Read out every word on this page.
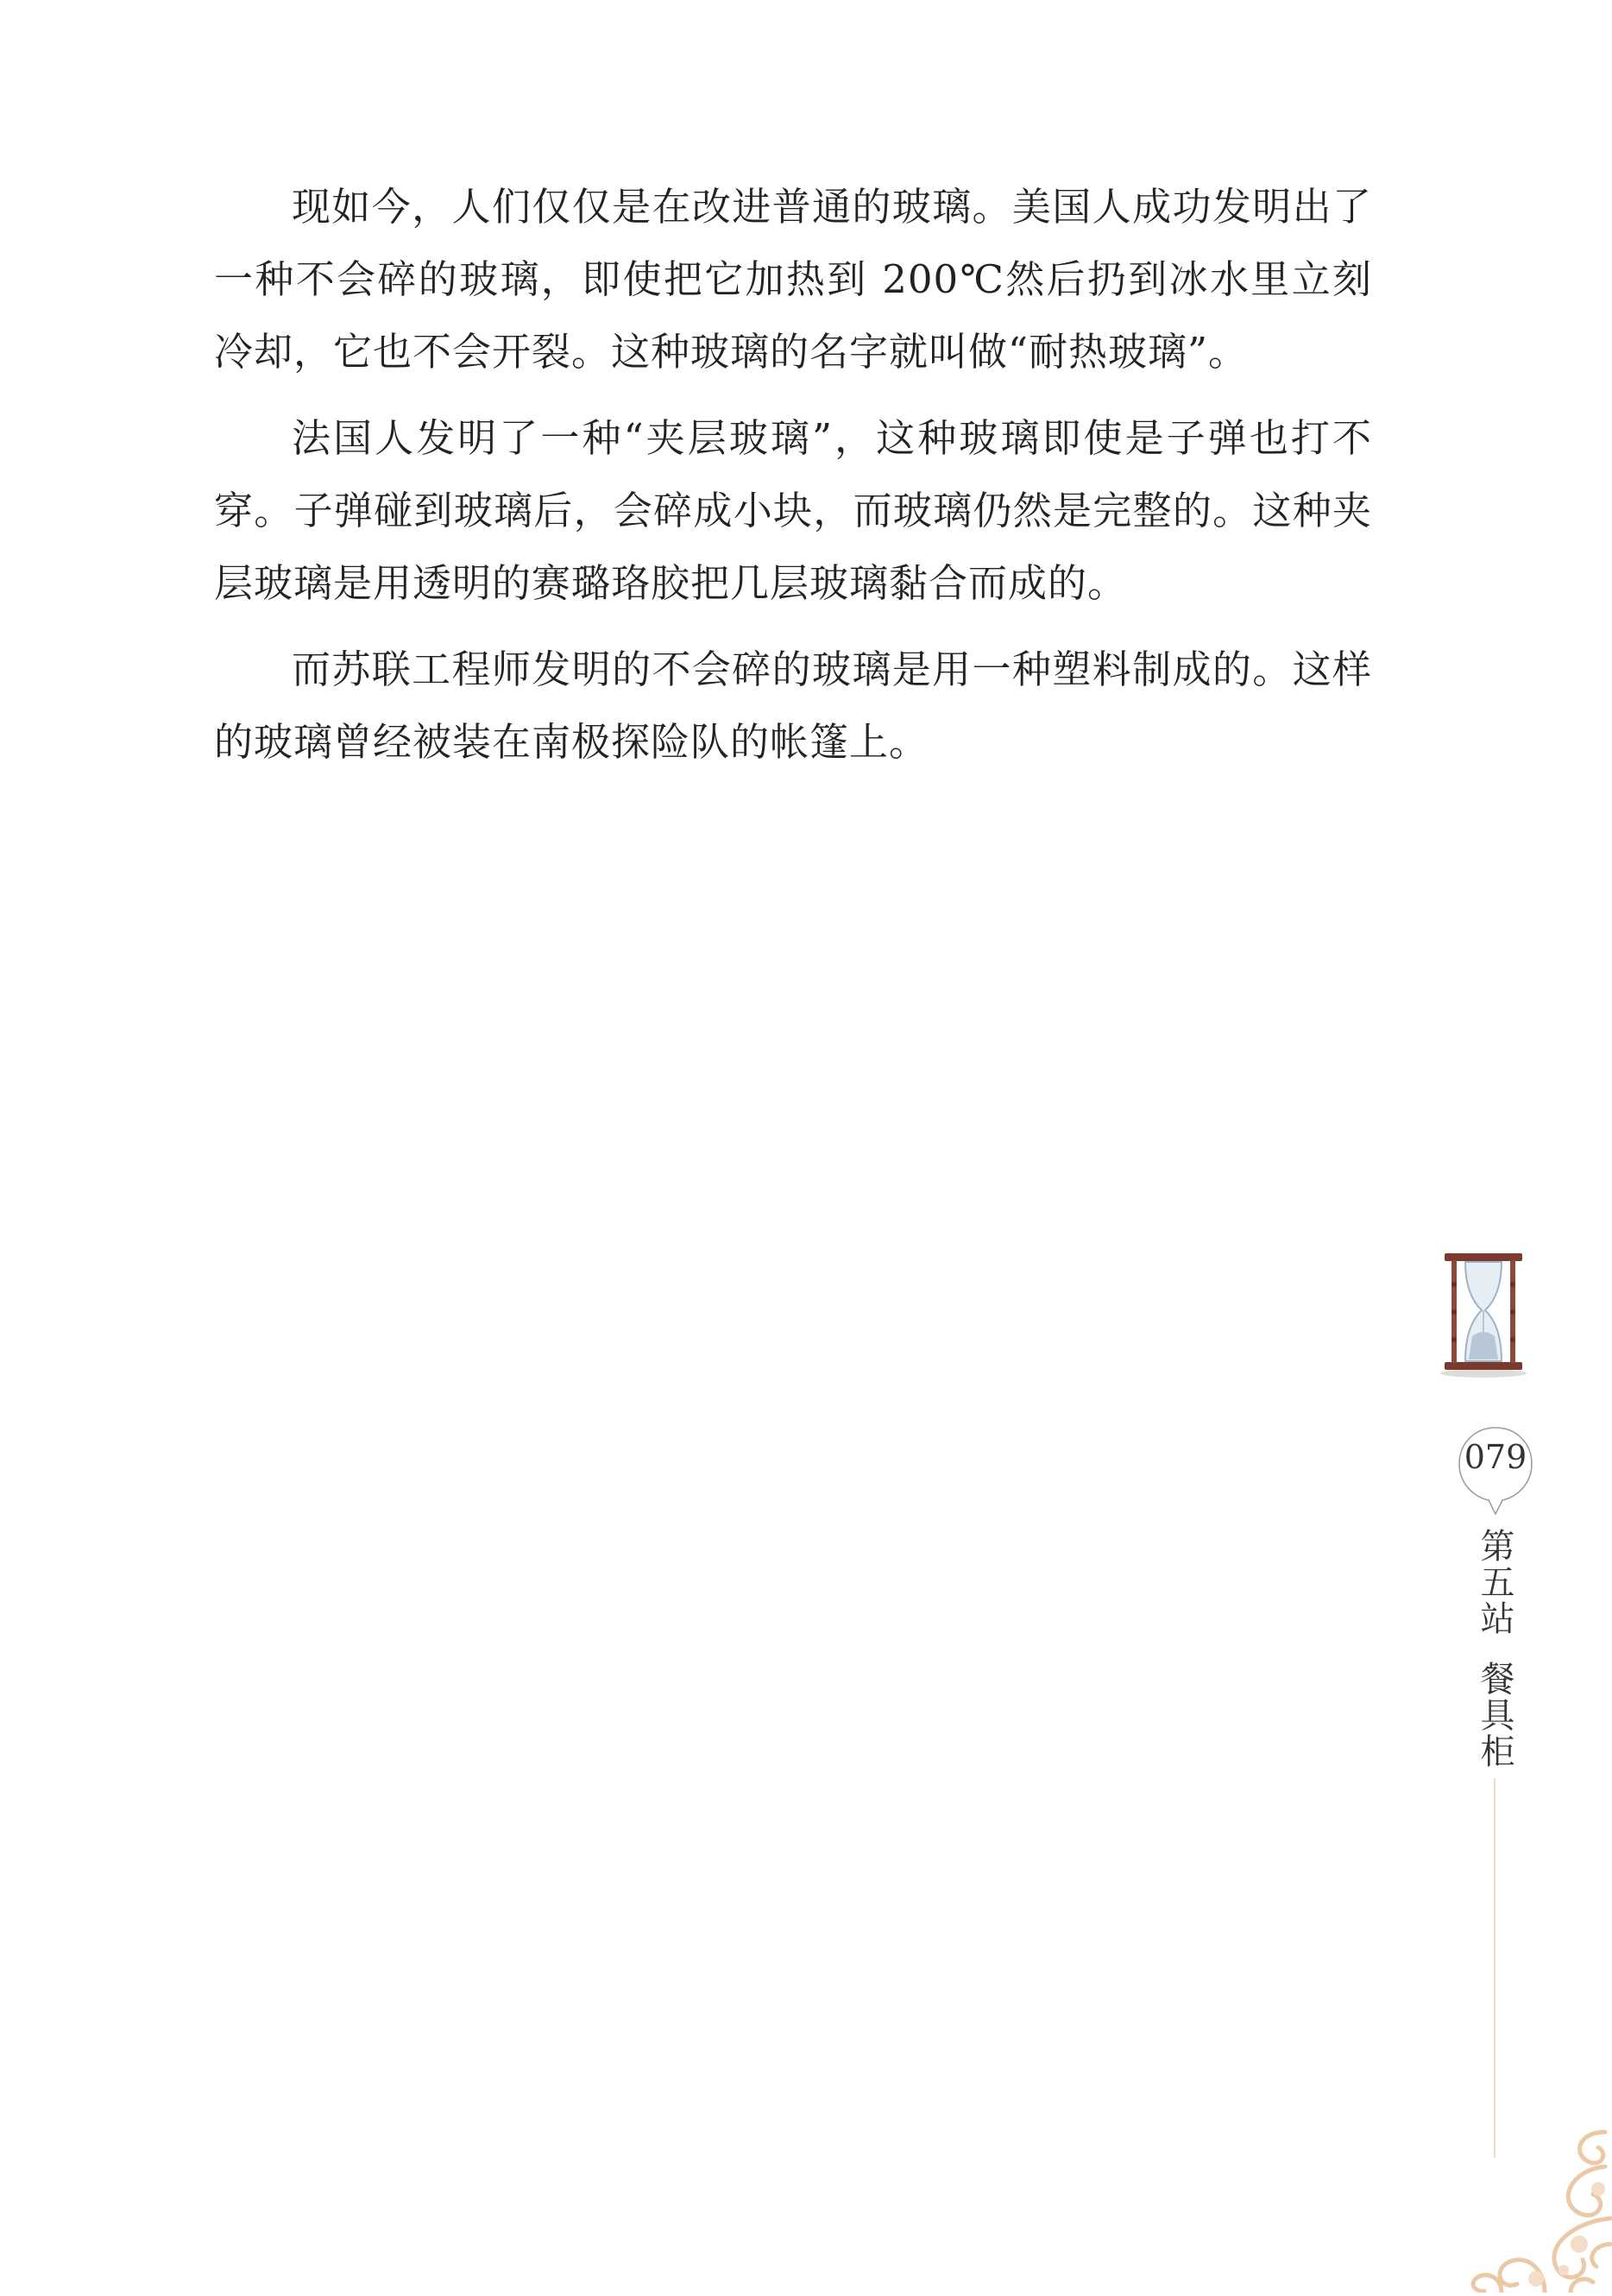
现如今，人们仅仅是在改进普通的玻璃。美国人成功发明出了一种不会碎的玻璃，即使把它加热到 200℃然后扔到冰水里立刻冷却，它也不会开裂。这种玻璃的名字就叫做“耐热玻璃”。

法国人发明了一种“夹层玻璃”，这种玻璃即使是子弹也打不穿。子弹碰到玻璃后，会碎成小块，而玻璃仍然是完整的。这种夹层玻璃是用透明的赛璐珞胶把几层玻璃黏合而成的。

而苏联工程师发明的不会碎的玻璃是用一种塑料制成的。这样的玻璃曾经被装在南极探险队的帐篷上。

079
第五站
餐具柜
